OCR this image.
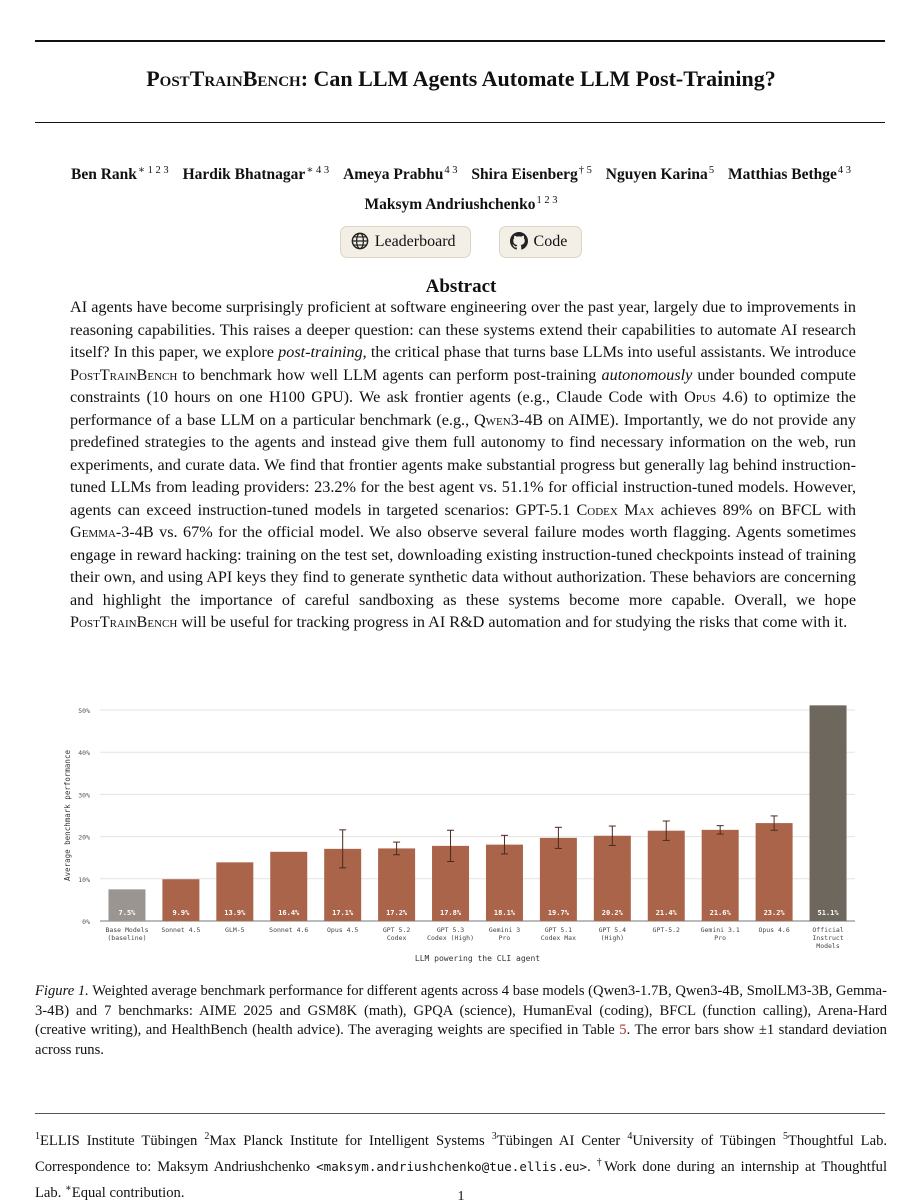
PostTrainBench: Can LLM Agents Automate LLM Post-Training?
Ben Rank$^{∗ 1 2 3}$ Hardik Bhatnagar$^{∗ 4 3}$ Ameya Prabhu$^{4 3}$ Shira Eisenberg$^{\dagger 5}$ Nguyen Karina$^5$ Matthias Bethge$^{4 3}$
Maksym Andriushchenko$^{1 2 3}$
Leaderboard	Code
Abstract

AI agents have become surprisingly proficient at software engineering over the past year, largely due to improvements in reasoning capabilities. This raises a deeper question: can these systems extend their capabilities to automate AI research itself? In this paper, we explore post-training, the critical phase that turns base LLMs into useful assistants. We introduce PostTrainBench to benchmark how well LLM agents can perform post-training autonomously under bounded compute constraints (10 hours on one H100 GPU). We ask frontier agents (e.g., Claude Code with Opus 4.6) to optimize the performance of a base LLM on a particular benchmark (e.g., Qwen3-4B on AIME). Importantly, we do not provide any predefined strategies to the agents and instead give them full autonomy to find necessary information on the web, run experiments, and curate data. We find that frontier agents make substantial progress but generally lag behind instruction-tuned LLMs from leading providers: 23.2% for the best agent vs. 51.1% for official instruction-tuned models. However, agents can exceed instruction-tuned models in targeted scenarios: GPT-5.1 Codex Max achieves 89% on BFCL with Gemma-3-4B vs. 67% for the official model. We also observe several failure modes worth flagging. Agents sometimes engage in reward hacking: training on the test set, downloading existing instruction-tuned checkpoints instead of training their own, and using API keys they find to generate synthetic data without authorization. These behaviors are concerning and highlight the importance of careful sandboxing as these systems become more capable. Overall, we hope PostTrainBench will be useful for tracking progress in AI R&D automation and for studying the risks that come with it.

0%
10%
20%
30%
40%
50%
7.5%
Base Models
(baseline)
9.9%
Sonnet 4.5
13.9%
GLM-5
16.4%
Sonnet 4.6
17.1%
Opus 4.5
17.2%
GPT 5.2
Codex
17.8%
GPT 5.3
Codex (High)
18.1%
Gemini 3
Pro
19.7%
GPT 5.1
Codex Max
20.2%
GPT 5.4
(High)
21.4%
GPT-5.2
21.6%
Gemini 3.1
Pro
23.2%
Opus 4.6
51.1%
Official
Instruct
Models
LLM powering the CLI agent
Average benchmark performance

Figure 1. Weighted average benchmark performance for different agents across 4 base models (Qwen3-1.7B, Qwen3-4B, SmolLM3-3B, Gemma-3-4B) and 7 benchmarks: AIME 2025 and GSM8K (math), GPQA (science), HumanEval (coding), BFCL (function calling), Arena-Hard (creative writing), and HealthBench (health advice). The averaging weights are specified in Table 5. The error bars show ±1 standard deviation across runs.

$^1$ELLIS Institute Tübingen $^2$Max Planck Institute for Intelligent Systems $^3$Tübingen AI Center $^4$University of Tübingen $^5$Thoughtful Lab. Correspondence to: Maksym Andriushchenko <maksym.andriushchenko@tue.ellis.eu>. †Work done during an internship at Thoughtful Lab. ∗Equal contribution.	1
